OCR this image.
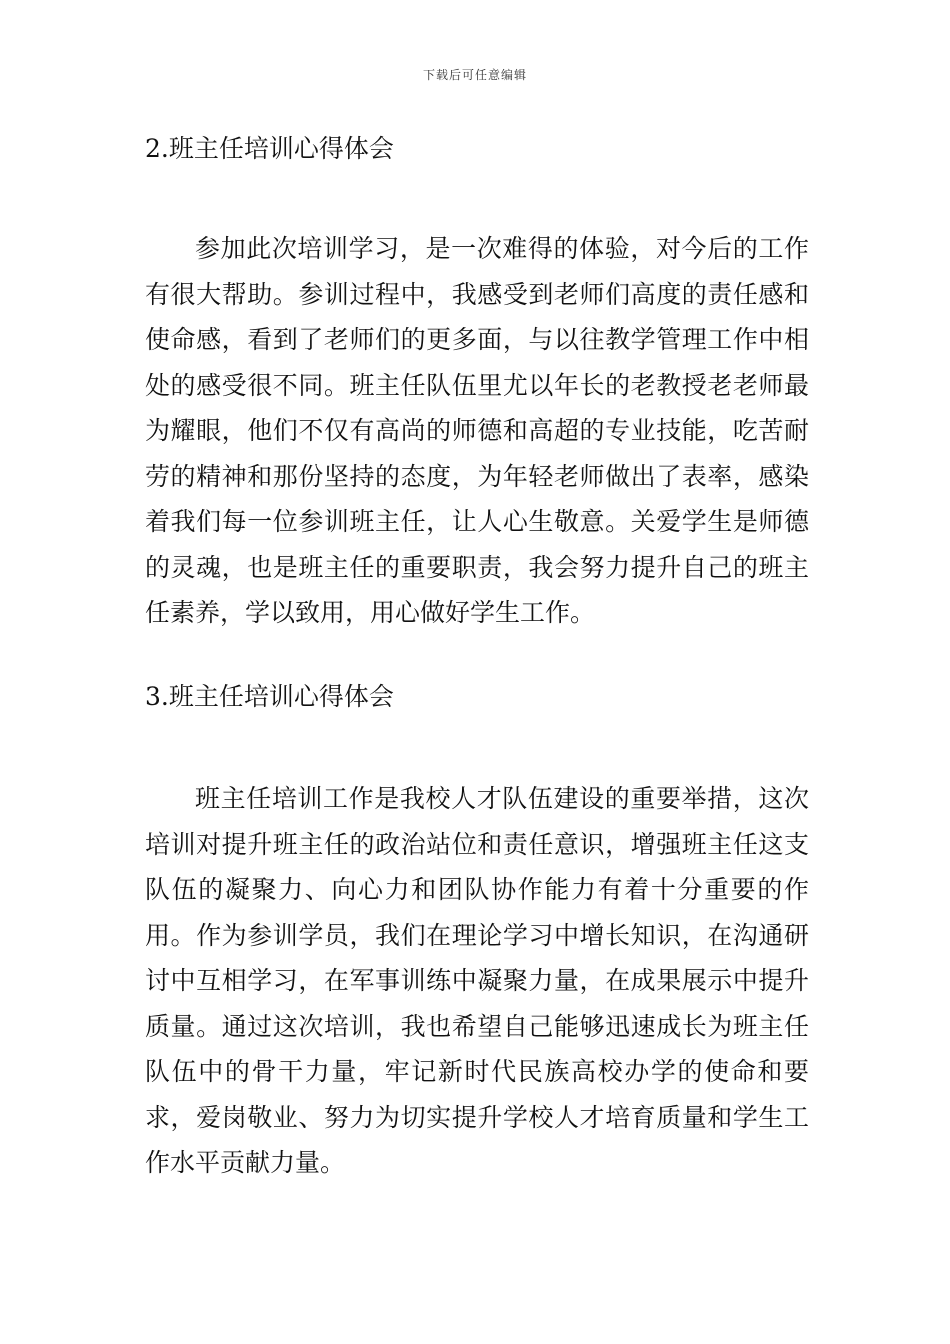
下载后可任意编辑
2.班主任培训心得体会

参加此次培训学习，是一次难得的体验，对今后的工作有很大帮助。参训过程中，我感受到老师们高度的责任感和使命感，看到了老师们的更多面，与以往教学管理工作中相处的感受很不同。班主任队伍里尤以年长的老教授老老师最为耀眼，他们不仅有高尚的师德和高超的专业技能，吃苦耐劳的精神和那份坚持的态度，为年轻老师做出了表率，感染着我们每一位参训班主任，让人心生敬意。关爱学生是师德的灵魂，也是班主任的重要职责，我会努力提升自己的班主任素养，学以致用，用心做好学生工作。

3.班主任培训心得体会

班主任培训工作是我校人才队伍建设的重要举措，这次培训对提升班主任的政治站位和责任意识，增强班主任这支队伍的凝聚力、向心力和团队协作能力有着十分重要的作用。作为参训学员，我们在理论学习中增长知识，在沟通研讨中互相学习，在军事训练中凝聚力量，在成果展示中提升质量。通过这次培训，我也希望自己能够迅速成长为班主任队伍中的骨干力量，牢记新时代民族高校办学的使命和要求，爱岗敬业、努力为切实提升学校人才培育质量和学生工作水平贡献力量。
